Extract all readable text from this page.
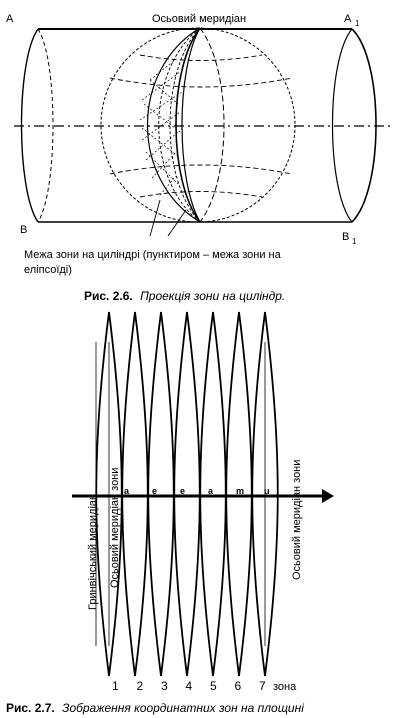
A	A 1
B
B 1
Осьовий меридіан
Межа зони на циліндрі (пунктиром – межа зони на
еліпсоїді)
Рис. 2.6. Проекція зони на циліндр.
Гринвічський меридіан Осьовий меридіан зони	Осьовий меридіан зони
a	e	e	a	m u
1 2 3 4 5 6 7 зона
Рис. 2.7. Зображення координатних зон на площині
